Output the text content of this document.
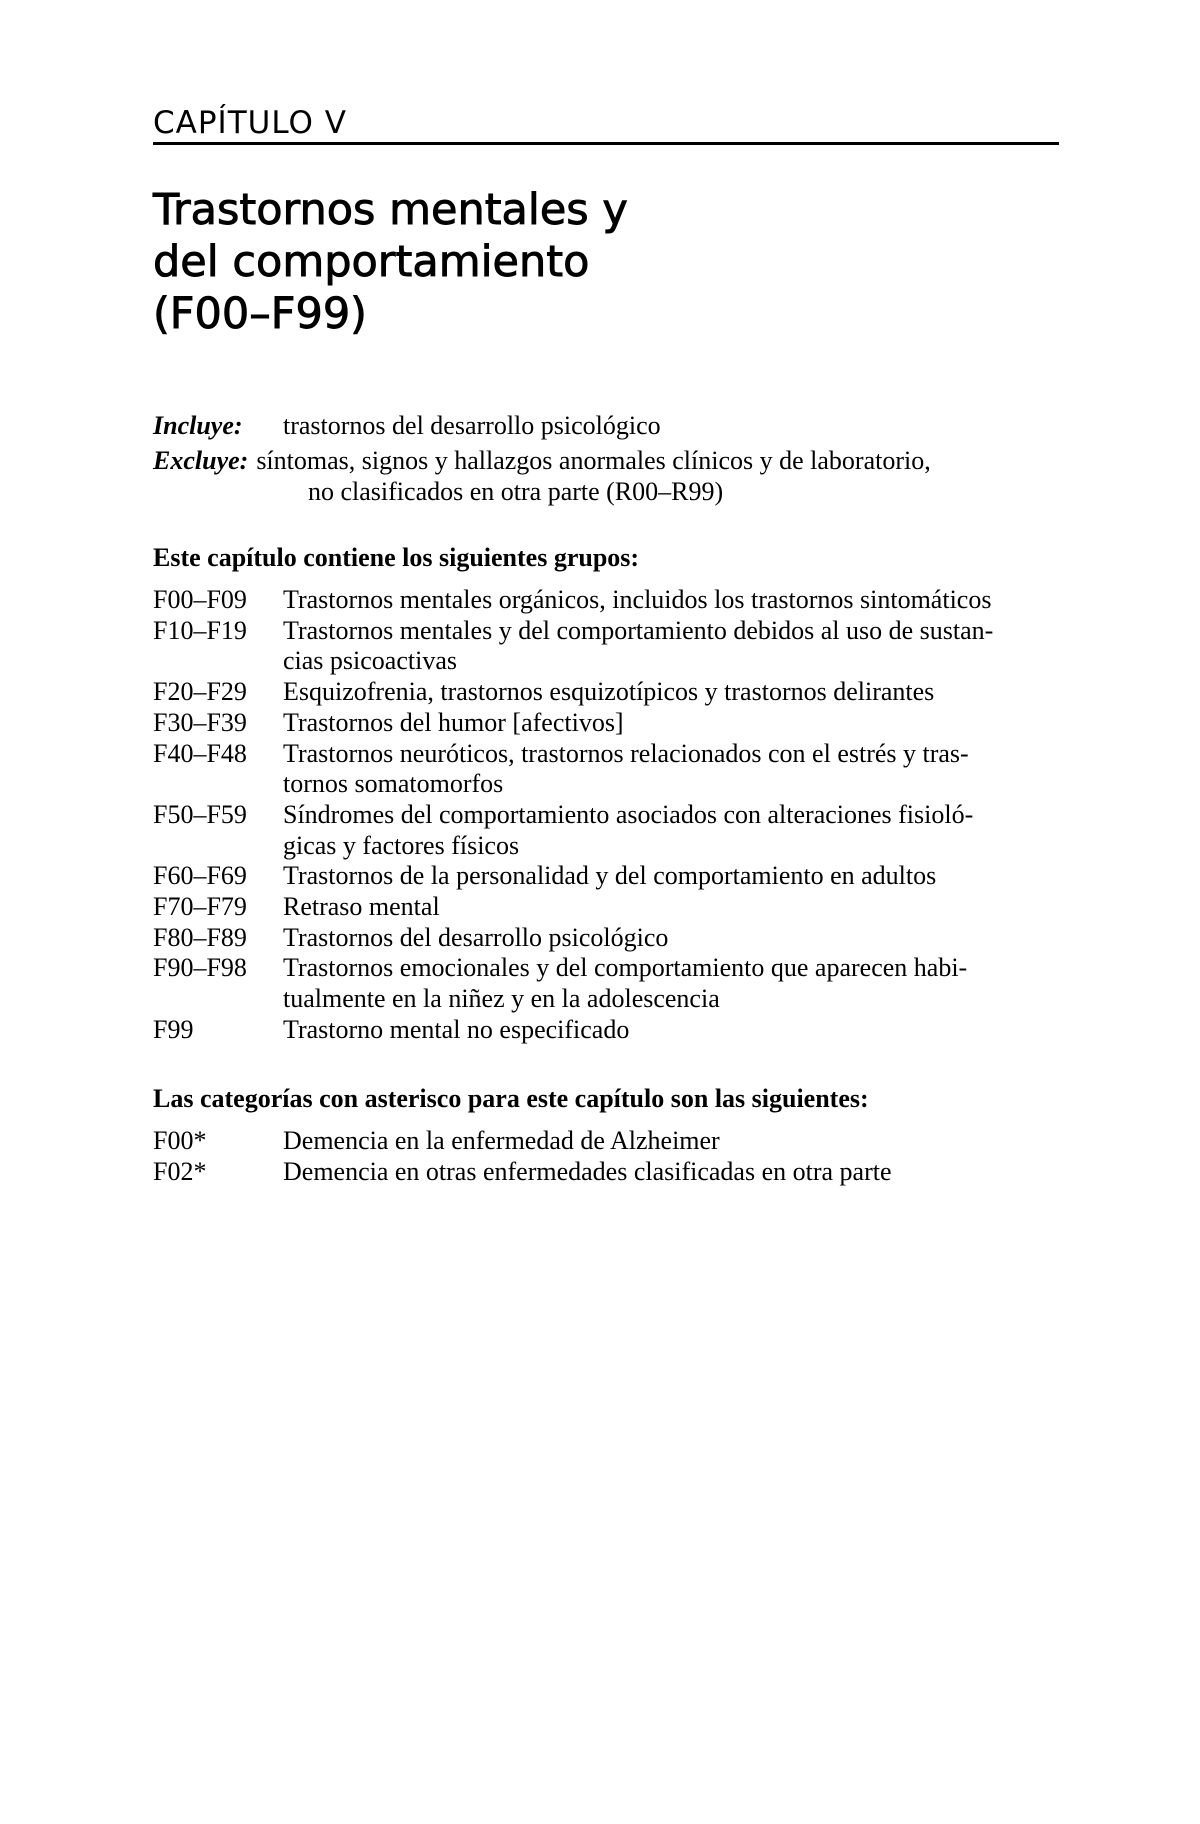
CAPÍTULO V
Trastornos mentales y
del comportamiento
(F00–F99)
Incluye:	trastornos del desarrollo psicológico
Excluye: síntomas, signos y hallazgos anormales clínicos y de laboratorio,
no clasificados en otra parte (R00–R99)
Este capítulo contiene los siguientes grupos:
F00–F09	Trastornos mentales orgánicos, incluidos los trastornos sintomáticos
F10–F19	Trastornos mentales y del comportamiento debidos al uso de sustan-
cias psicoactivas
F20–F29	Esquizofrenia, trastornos esquizotípicos y trastornos delirantes
F30–F39	Trastornos del humor [afectivos]
F40–F48	Trastornos neuróticos, trastornos relacionados con el estrés y tras-
tornos somatomorfos
F50–F59	Síndromes del comportamiento asociados con alteraciones fisioló-
gicas y factores físicos
F60–F69	Trastornos de la personalidad y del comportamiento en adultos
F70–F79	Retraso mental
F80–F89	Trastornos del desarrollo psicológico
F90–F98	Trastornos emocionales y del comportamiento que aparecen habi-
tualmente en la niñez y en la adolescencia
F99	Trastorno mental no especificado
Las categorías con asterisco para este capítulo son las siguientes:
F00*	Demencia en la enfermedad de Alzheimer
F02*	Demencia en otras enfermedades clasificadas en otra parte
